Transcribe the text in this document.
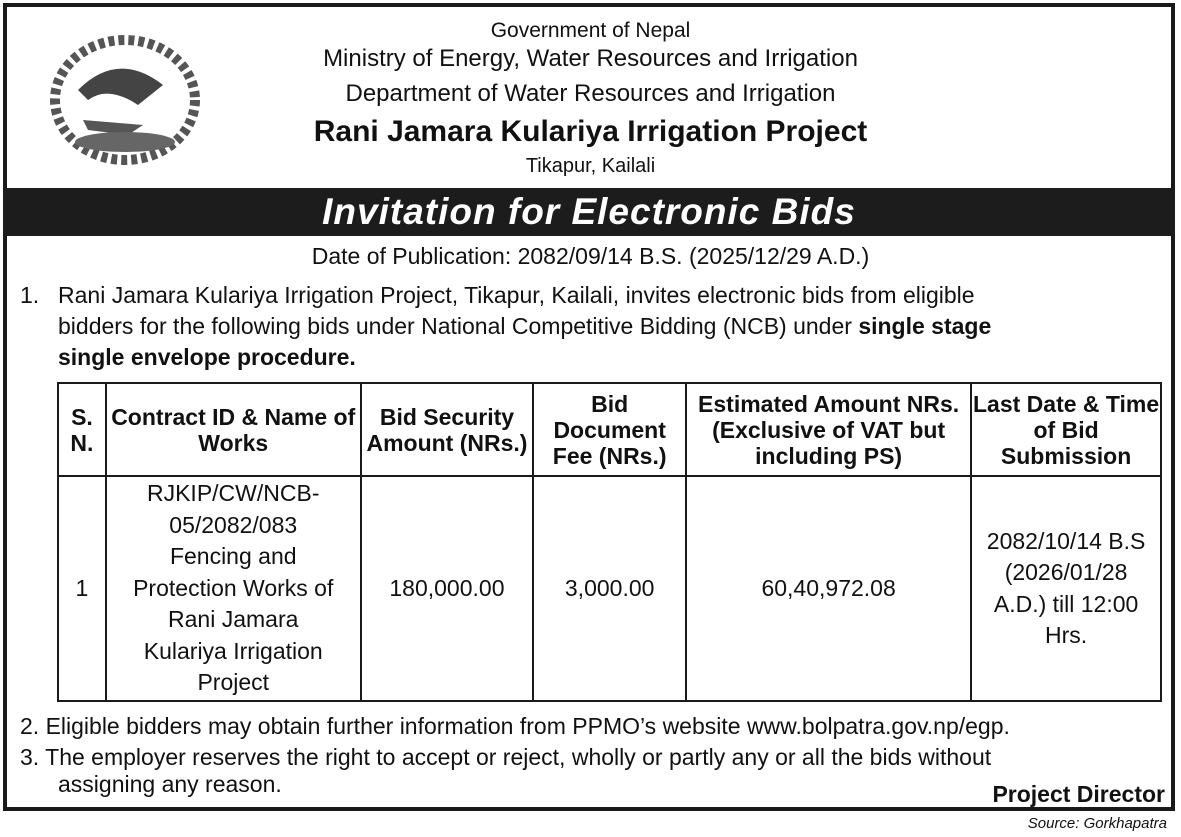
Government of Nepal
Ministry of Energy, Water Resources and Irrigation
Department of Water Resources and Irrigation
Rani Jamara Kulariya Irrigation Project
Tikapur, Kailali
Invitation for Electronic Bids
Date of Publication: 2082/09/14 B.S. (2025/12/29 A.D.)
1. Rani Jamara Kulariya Irrigation Project, Tikapur, Kailali, invites electronic bids from eligible
bidders for the following bids under National Competitive Bidding (NCB) under single stage
single envelope procedure.
S. N.	Contract ID & Name of Works	Bid Security Amount (NRs.)	Bid Document Fee (NRs.)	Estimated Amount NRs. (Exclusive of VAT but including PS)	Last Date & Time of Bid Submission
1	RJKIP/CW/NCB-05/2082/083 Fencing and Protection Works of Rani Jamara Kulariya Irrigation Project	180,000.00	3,000.00	60,40,972.08	2082/10/14 B.S (2026/01/28 A.D.) till 12:00 Hrs.
2. Eligible bidders may obtain further information from PPMO’s website www.bolpatra.gov.np/egp.
3. The employer reserves the right to accept or reject, wholly or partly any or all the bids without
assigning any reason.	Project Director
Source: Gorkhapatra
